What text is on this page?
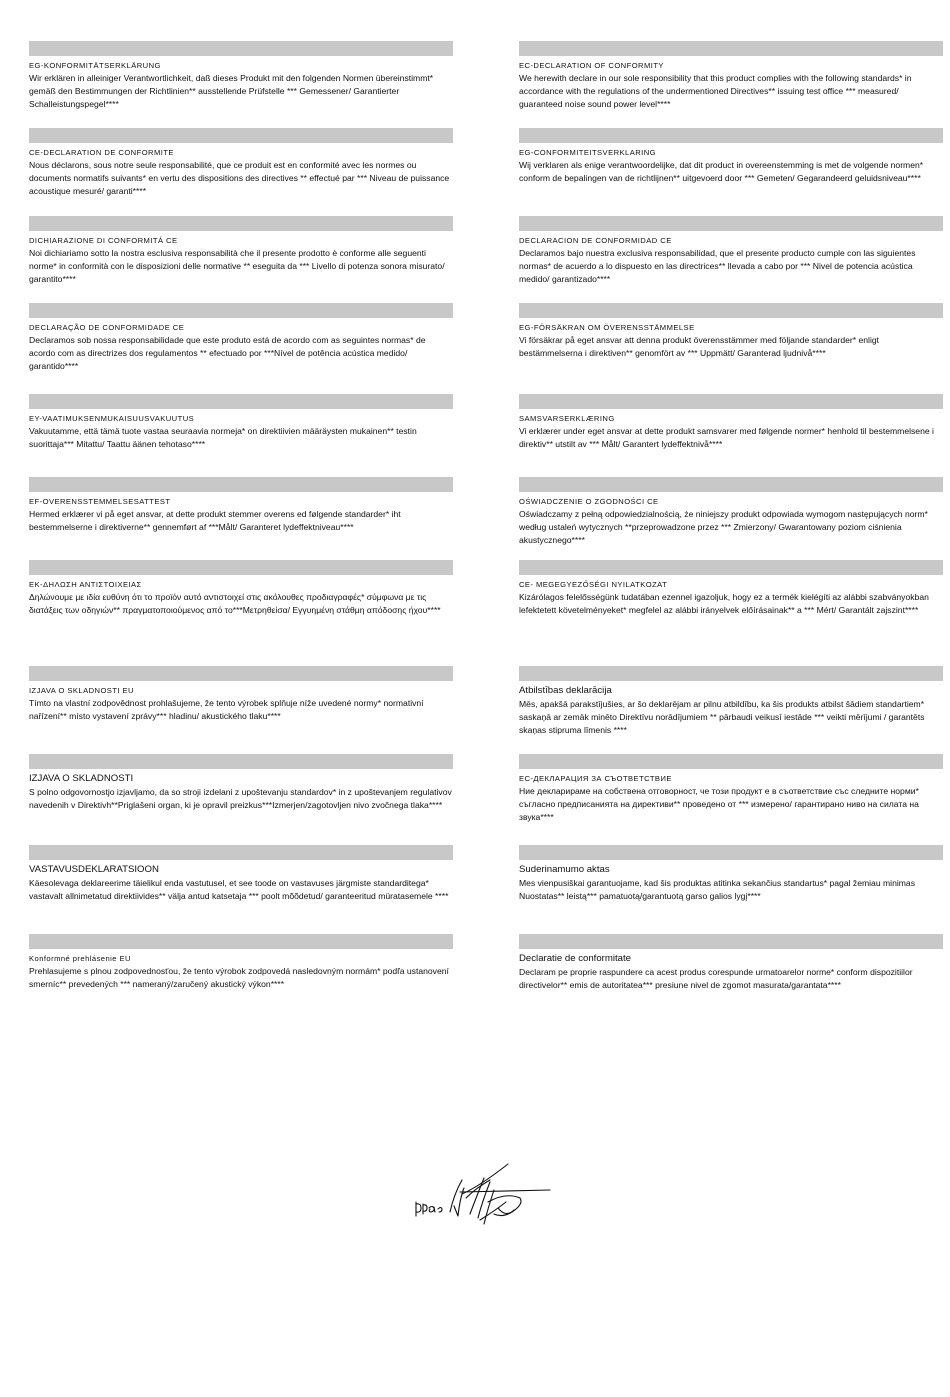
EG-KONFORMITÄTSERKLÄRUNG
Wir erklären in alleiniger Verantwortlichkeit, daß dieses Produkt mit den folgenden Normen übereinstimmt* gemäß den Bestimmungen der Richtlinien** ausstellende Prüfstelle *** Gemessener/ Garantierter Schalleistungspegel****
CE-DECLARATION DE CONFORMITE
Nous déclarons, sous notre seule responsabilité, que ce produit est en conformité avec les normes ou documents normatifs suivants* en vertu des dispositions des directives ** effectué par *** Niveau de puissance acoustique mesuré/ garanti****
DICHIARAZIONE DI CONFORMITÁ CE
Noi dichiariamo sotto la nostra esclusiva responsabilità che il presente prodotto è conforme alle seguenti norme* in conformità con le disposizioni delle normative ** eseguita da *** Livello di potenza sonora misurato/ garantito****
DECLARAÇÃO DE CONFORMIDADE CE
Declaramos sob nossa responsabilidade que este produto está de acordo com as seguintes normas* de acordo com as directrizes dos regulamentos ** efectuado por ***Nível de potência acústica medido/ garantido****
EY-VAATIMUKSENMUKAISUUSVAKUUTUS
Vakuutamme, että tämä tuote vastaa seuraavia normeja* on direktiivien määräysten mukainen** testin suorittaja*** Mitattu/ Taattu äänen tehotaso****
EF-OVERENSSTEMMELSESATTEST
Hermed erklærer vi på eget ansvar, at dette produkt stemmer overens ed følgende standarder* iht bestemmelserne i direktiverne** gennemført af ***Målt/ Garanteret lydeffektniveau****
ΕΚ-ΔΗΛΩΣΗ ΑΝΤΙΣΤΟΙΧΕΙΑΣ
Δηλώνουμε με ιδία ευθύνη ότι το προϊόν αυτό αντιστοιχεί στις ακόλουθες προδιαγραφές* σύμφωνα με τις διατάξεις των οδηγιών** πραγματοποιούμενος από το***Μετρηθείσα/ Εγγυημένη στάθμη απόδοσης ήχου****
IZJAVA O SKLADNOSTI EU
Tímto na vlastní zodpovědnost prohlašujeme, že tento výrobek splňuje níže uvedené normy* normativní nařízení** místo vystavení zprávy*** hladinu/ akustického tlaku****
IZJAVA O SKLADNOSTI
S polno odgovornostjo izjavljamo, da so stroji izdelani z upoštevanju standardov* in z upoštevanjem regulativov navedenih v Direktivh**Priglašeni organ, ki je opravil preizkus***Izmerjen/zagotovljen nivo zvočnega tlaka****
VASTAVUSDEKLARATSIOON
Käesolevaga deklareerime täielikul enda vastutusel, et see toode on vastavuses järgmiste standarditega* vastavalt allnimetatud direktiivides** välja antud katsetaja *** poolt mõõdetud/ garanteeritud müratasemele ****
Konformné prehlásenie EU
Prehlasujeme s plnou zodpovednosťou, že tento výrobok zodpovedá nasledovným normám* podľa ustanovení smerníc** prevedených *** nameraný/zaručený akustický výkon****
EC-DECLARATION OF CONFORMITY
We herewith declare in our sole responsibility that this product complies with the following standards* in accordance with the regulations of the undermentioned Directives** issuing test office *** measured/ guaranteed noise sound power level****
EG-CONFORMITEITSVERKLARING
Wij verklaren als enige verantwoordelijke, dat dit product in overeenstemming is met de volgende normen* conform de bepalingen van de richtlijnen** uitgevoerd door *** Gemeten/ Gegarandeerd geluidsniveau****
DECLARACION DE CONFORMIDAD CE
Declaramos bajo nuestra exclusiva responsabilidad, que el presente producto cumple con las siguientes normas* de acuerdo a lo dispuesto en las directrices** llevada a cabo por *** Nivel de potencia acústica medido/ garantizado****
EG-FÖRSÄKRAN OM ÖVERENSSTÄMMELSE
Vi försäkrar på eget ansvar att denna produkt överensstämmer med följande standarder* enligt bestämmelserna i direktiven** genomfört av *** Uppmätt/ Garanterad ljudnivå****
SAMSVARSERKLÆRING
Vi erklærer under eget ansvar at dette produkt samsvarer med følgende normer* henhold til bestemmelsene i direktiv** utstilt av *** Målt/ Garantert lydeffektnivå****
OŚWIADCZENIE O ZGODNOŚCI CE
Oświadczamy z pełną odpowiedzialnością, że niniejszy produkt odpowiada wymogom następujących norm* według ustaleń wytycznych **przeprowadzone przez *** Zmierzony/ Gwarantowany poziom ciśnienia akustycznego****
CE- MEGEGYEZŐSÉGI NYILATKOZAT
Kizárólagos felelősségünk tudatában ezennel igazoljuk, hogy ez a termék kielégíti az alábbi szabványokban lefektetett követelményeket* megfelel az alábbi irányelvek előírásainak** a *** Mért/ Garantált zajszint****
Atbilstības deklarācija
Mēs, apakšā parakstījušies, ar šo deklarējam ar pilnu atbildību, ka šis produkts atbilst šādiem standartiem* saskaņā ar zemāk minēto Direktīvu norādījumiem ** pārbaudi veikusī iestāde *** veikti mērījumi / garantēts skaņas stipruma līmenis ****
ЕС-ДЕКЛАРАЦИЯ ЗА СЪОТВЕТСТВИЕ
Ние декларираме на собствена отговорност, че този продукт е в съответствие със следните норми* съгласно предписанията на директиви** проведено от *** измерено/ гарантирано ниво на силата на звука****
Suderinamumo aktas
Mes vienpusiškai garantuojame, kad šis produktas atitinka sekančius standartus* pagal žemiau minimas Nuostatas** leistą*** pamatuotą/garantuotą garso galios lygį****
Declaratie de conformitate
Declaram pe proprie raspundere ca acest produs corespunde urmatoarelor norme* conform dispozitiilor directivelor** emis de autoritatea*** presiune nivel de zgomot masurata/garantata****
